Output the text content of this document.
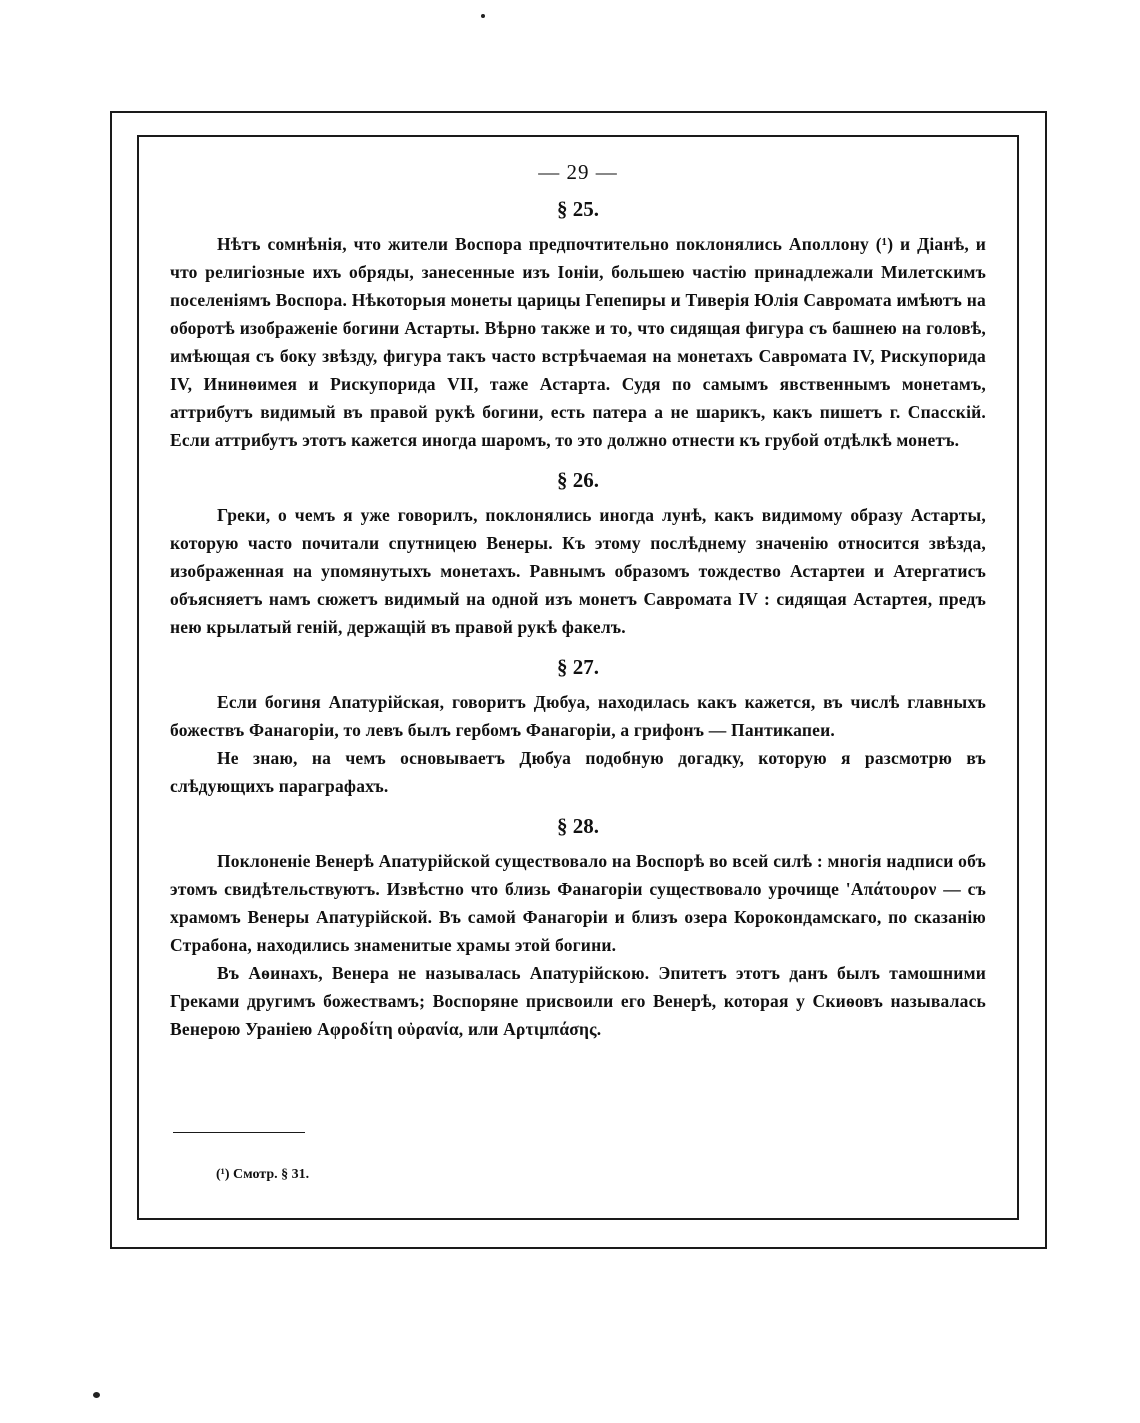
— 29 —
§ 25.

Нѣтъ сомнѣнія, что жители Воспора предпочтительно поклонялись Аполлону (¹) и Діанѣ, и что религіозные ихъ обряды, занесенные изъ Іоніи, большею частію принадлежали Милетскимъ поселеніямъ Воспора. Нѣкоторыя монеты царицы Гепепиры и Тиверія Юлія Савромата имѣютъ на оборотѣ изображеніе богини Астарты. Вѣрно также и то, что сидящая фигура съ башнею на головѣ, имѣющая съ боку звѣзду, фигура такъ часто встрѣчаемая на монетахъ Савромата IV, Рискупорида IV, Ининѳимея и Рискупорида VII, таже Астарта. Судя по самымъ явственнымъ монетамъ, аттрибутъ видимый въ правой рукѣ богини, есть патера а не шарикъ, какъ пишетъ г. Спасскій. Если аттрибутъ этотъ кажется иногда шаромъ, то это должно отнести къ грубой отдѣлкѣ монетъ.

§ 26.

Греки, о чемъ я уже говорилъ, поклонялись иногда лунѣ, какъ видимому образу Астарты, которую часто почитали спутницею Венеры. Къ этому послѣднему значенію относится звѣзда, изображенная на упомянутыхъ монетахъ. Равнымъ образомъ тождество Астартеи и Атергатисъ объясняетъ намъ сюжетъ видимый на одной изъ монетъ Савромата IV : сидящая Астартея, предъ нею крылатый геній, держащій въ правой рукѣ факелъ.

§ 27.

Если богиня Апатурійская, говоритъ Дюбуа, находилась какъ кажется, въ числѣ главныхъ божествъ Фанагоріи, то левъ былъ гербомъ Фанагоріи, а грифонъ — Пантикапеи.

Не знаю, на чемъ основываетъ Дюбуа подобную догадку, которую я разсмотрю въ слѣдующихъ параграфахъ.

§ 28.

Поклоненіе Венерѣ Апатурійской существовало на Воспорѣ во всей силѣ : многія надписи объ этомъ свидѣтельствуютъ. Извѣстно что близь Фанагоріи существовало урочище 'Απάτουρον — съ храмомъ Венеры Апатурійской. Въ самой Фанагоріи и близъ озера Корокондамскаго, по сказанію Страбона, находились знаменитые храмы этой богини.

Въ Аѳинахъ, Венера не называлась Апатурійскою. Эпитетъ этотъ данъ былъ тамошними Греками другимъ божествамъ; Воспоряне присвоили его Венерѣ, которая у Скиѳовъ называлась Венерою Ураніею Αφροδίτη οὐρανία, или Αρτιμπάσης.

(¹) Смотр. § 31.
